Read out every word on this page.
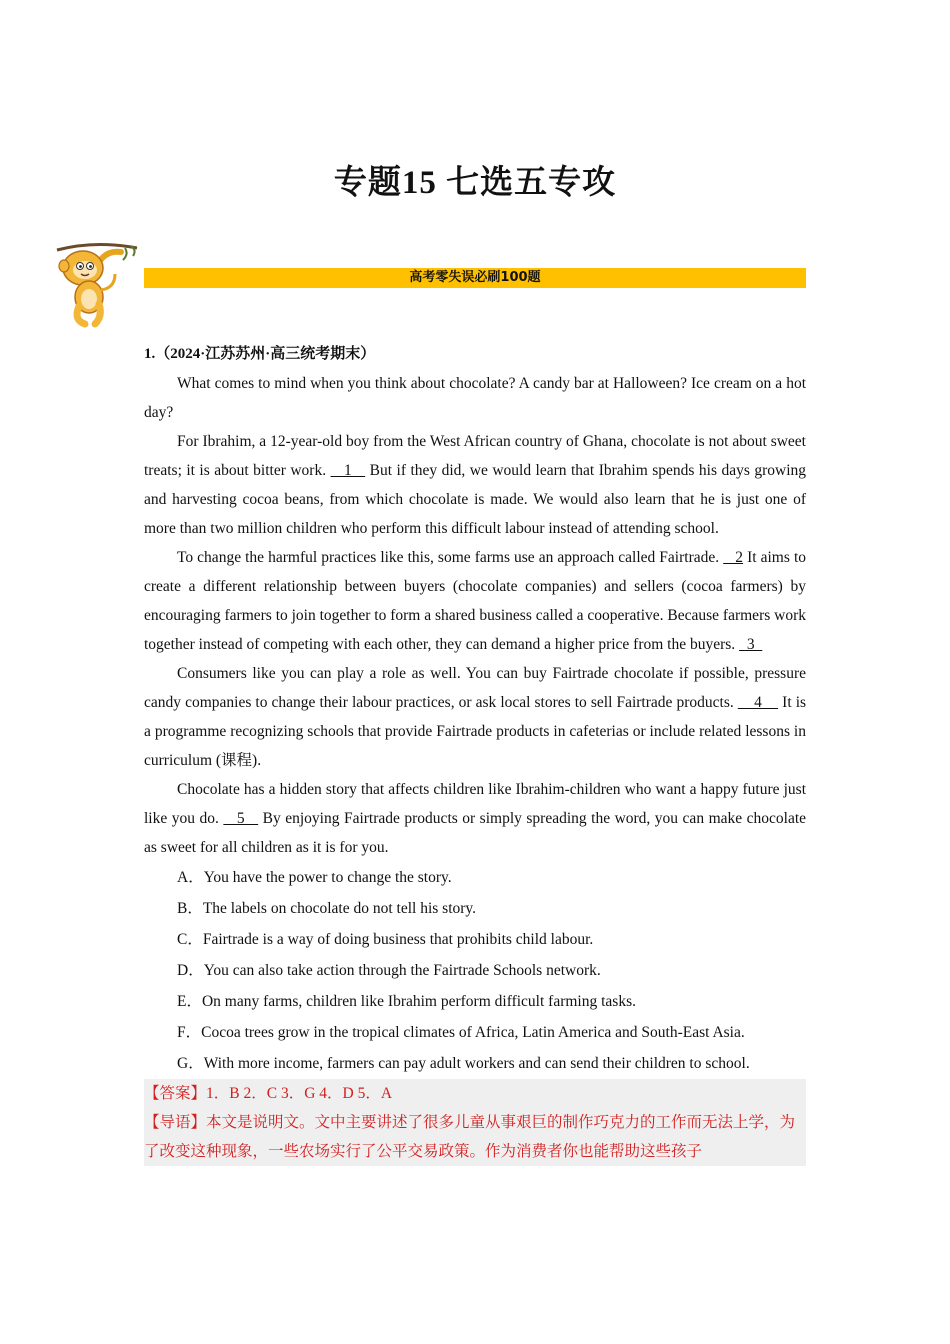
专题15 七选五专攻
高考零失误必刷100题

1.（2024·江苏苏州·高三统考期末）

What comes to mind when you think about chocolate? A candy bar at Halloween? Ice cream on a hot day?

For Ibrahim, a 12-year-old boy from the West African country of Ghana, chocolate is not about sweet treats; it is about bitter work.    1    But if they did, we would learn that Ibrahim spends his days growing and harvesting cocoa beans, from which chocolate is made. We would also learn that he is just one of more than two million children who perform this difficult labour instead of attending school.

To change the harmful practices like this, some farms use an approach called Fairtrade.    2 It aims to create a different relationship between buyers (chocolate companies) and sellers (cocoa farmers) by encouraging farmers to join together to form a shared business called a cooperative. Because farmers work together instead of competing with each other, they can demand a higher price from the buyers.   3

Consumers like you can play a role as well. You can buy Fairtrade chocolate if possible, pressure candy companies to change their labour practices, or ask local stores to sell Fairtrade products.     4     It is a programme recognizing schools that provide Fairtrade products in cafeterias or include related lessons in curriculum (课程).

Chocolate has a hidden story that affects children like Ibrahim-children who want a happy future just like you do.    5    By enjoying Fairtrade products or simply spreading the word, you can make chocolate as sweet for all children as it is for you.

A．You have the power to change the story.

B．The labels on chocolate do not tell his story.

C．Fairtrade is a way of doing business that prohibits child labour.

D．You can also take action through the Fairtrade Schools network.

E．On many farms, children like Ibrahim perform difficult farming tasks.

F．Cocoa trees grow in the tropical climates of Africa, Latin America and South-East Asia.

G．With more income, farmers can pay adult workers and can send their children to school.

【答案】1．B 2．C 3．G 4．D 5．A

【导语】本文是说明文。文中主要讲述了很多儿童从事艰巨的制作巧克力的工作而无法上学，为了改变这种现象，一些农场实行了公平交易政策。作为消费者你也能帮助这些孩子
